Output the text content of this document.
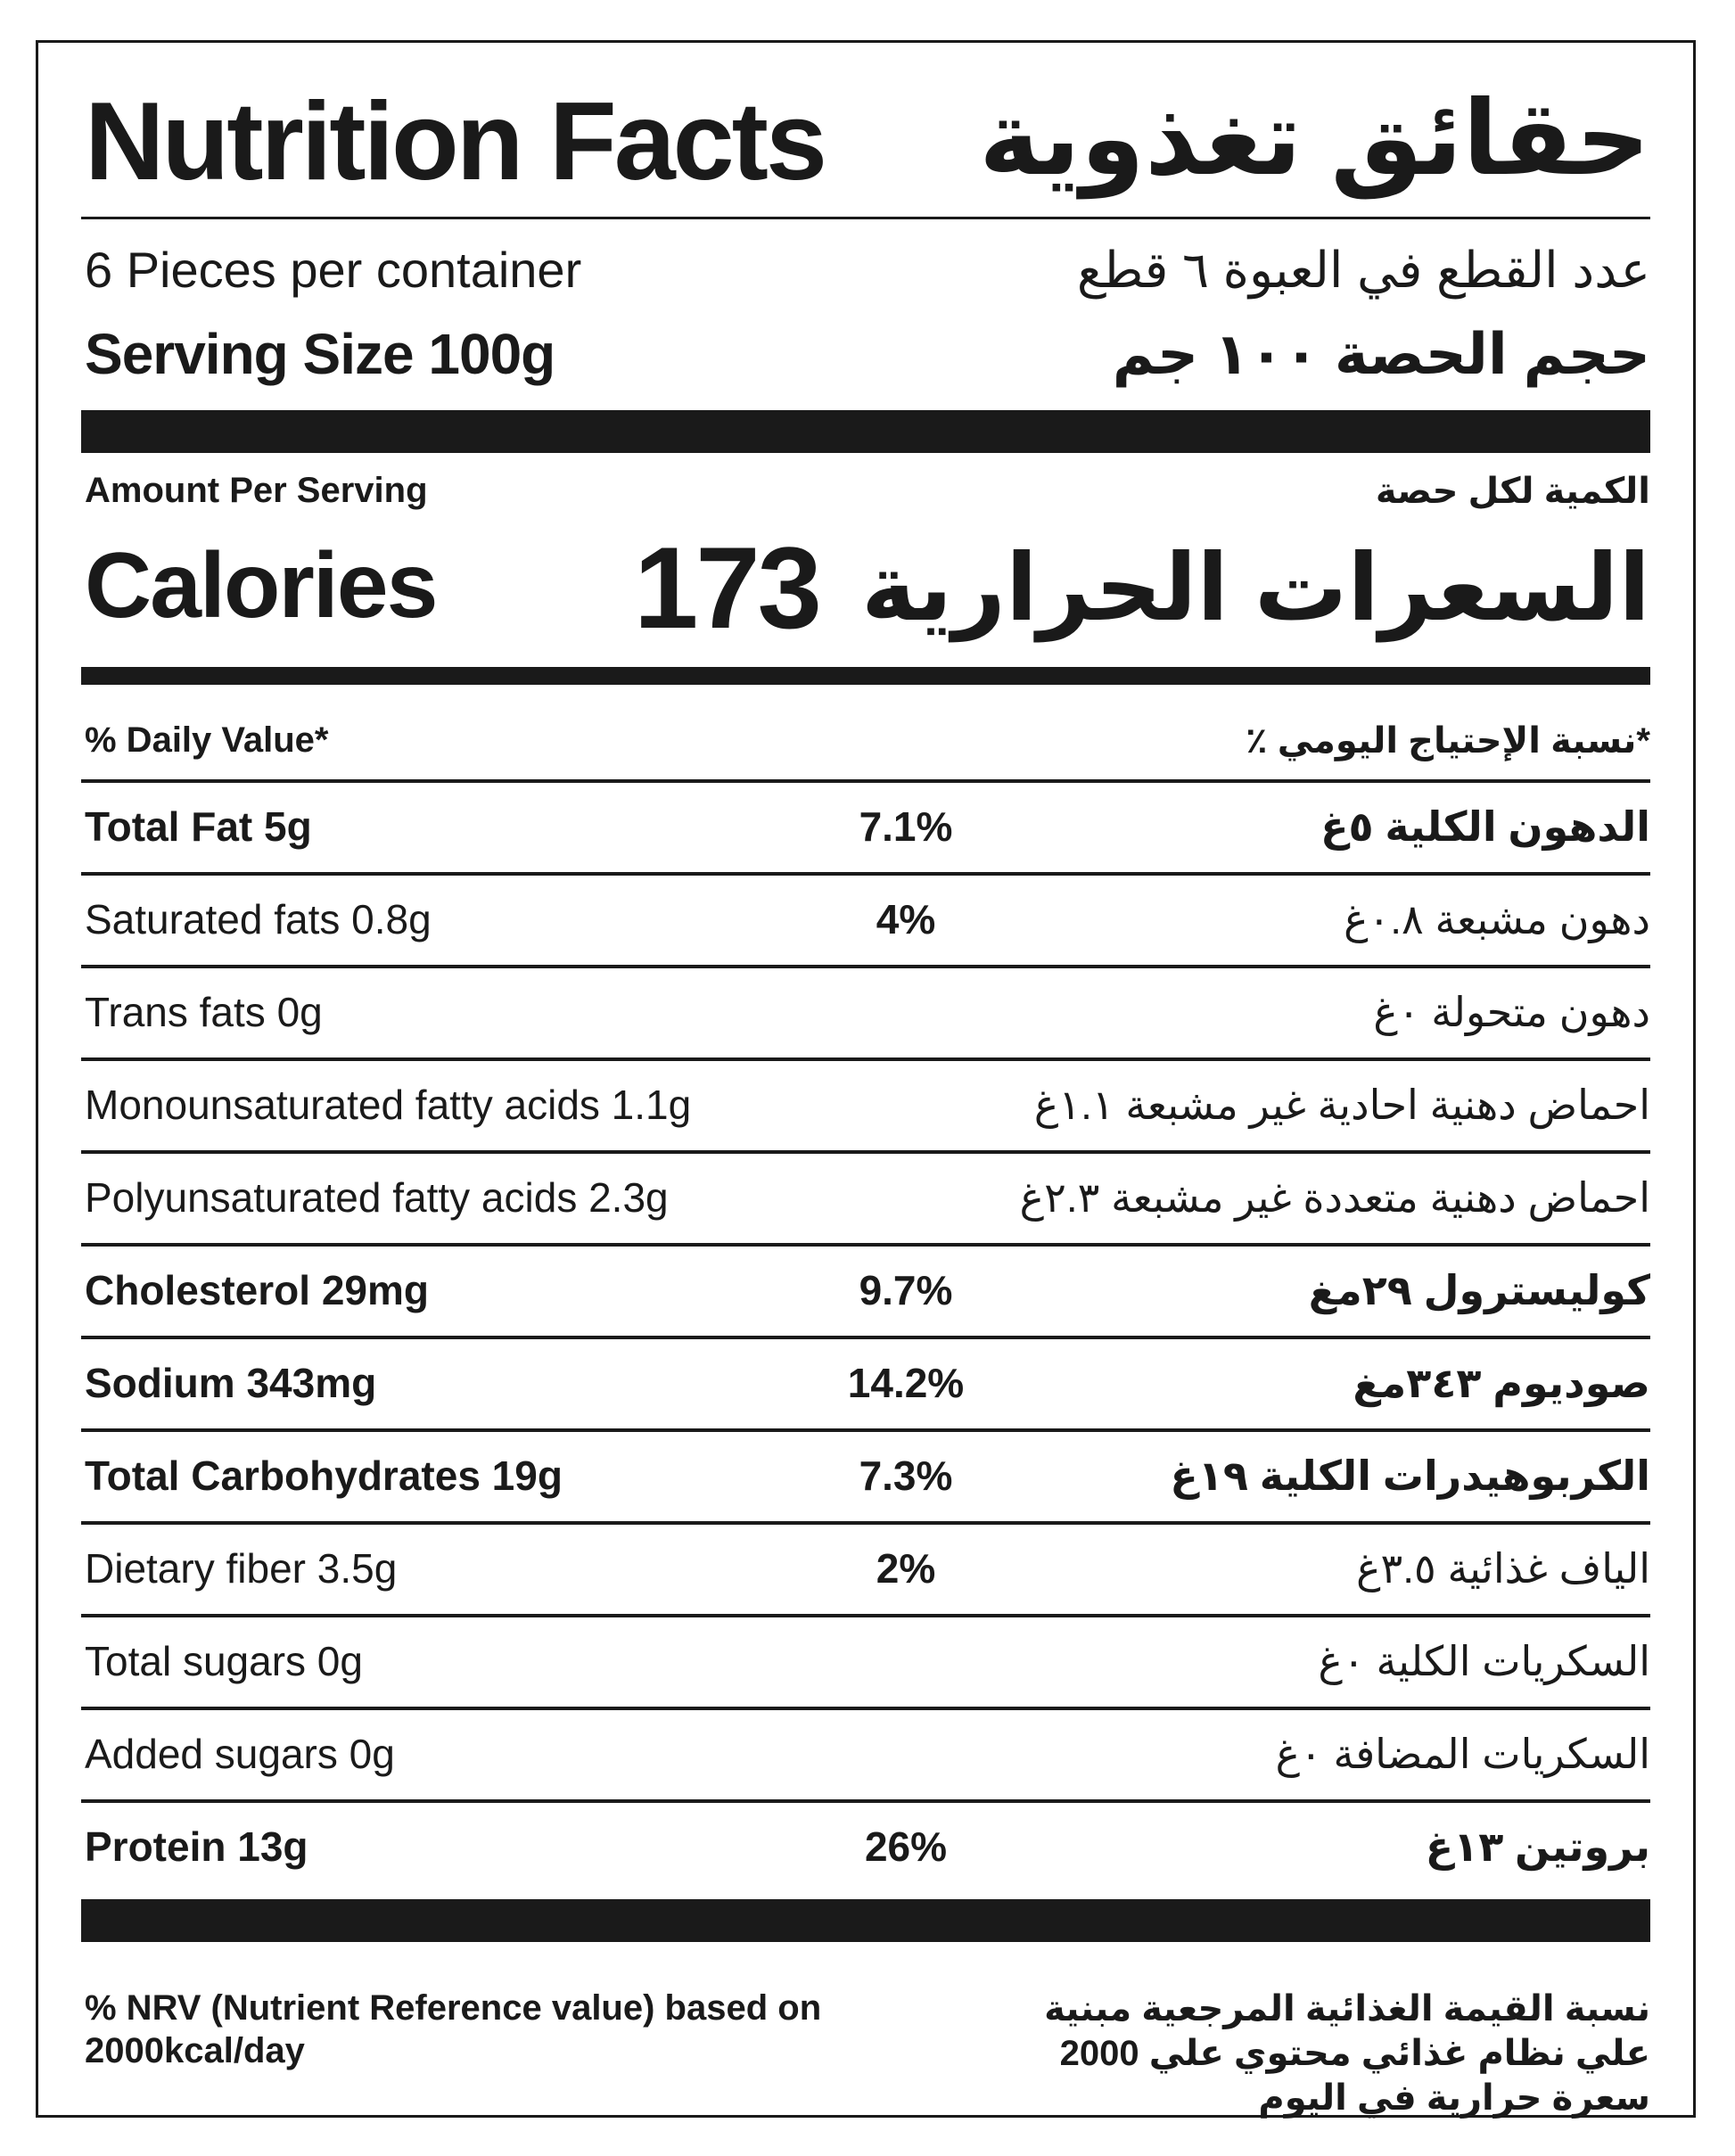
Nutrition Facts حقائق تغذوية
6 Pieces per container	عدد القطع في العبوة ٦ قطع
Serving Size 100g	حجم الحصة ١٠٠ جم
Amount Per Serving	الكمية لكل حصة
Calories 173 السعرات الحرارية
% Daily Value*	*نسبة الإحتياج اليومي ٪
Total Fat 5g	7.1%	الدهون الكلية ٥غ
Saturated fats 0.8g	4%	دهون مشبعة ٠.٨غ
Trans fats 0g	دهون متحولة ٠غ
Monounsaturated fatty acids 1.1g	احماض دهنية احادية غير مشبعة ١.١غ
Polyunsaturated fatty acids 2.3g	احماض دهنية متعددة غير مشبعة ٢.٣غ
Cholesterol 29mg	9.7%	كوليسترول ٢٩مغ
Sodium 343mg	14.2%	صوديوم ٣٤٣مغ
Total Carbohydrates 19g	7.3%	الكربوهيدرات الكلية ١٩غ
Dietary fiber 3.5g	2%	الياف غذائية ٣.٥غ
Total sugars 0g	السكريات الكلية ٠غ
Added sugars 0g	السكريات المضافة ٠غ
Protein 13g	26%	بروتين ١٣غ
% NRV (Nutrient Reference value) based on 2000kcal/day
نسبة القيمة الغذائية المرجعية مبنية علي نظام غذائي محتوي علي 2000 سعرة حرارية في اليوم
